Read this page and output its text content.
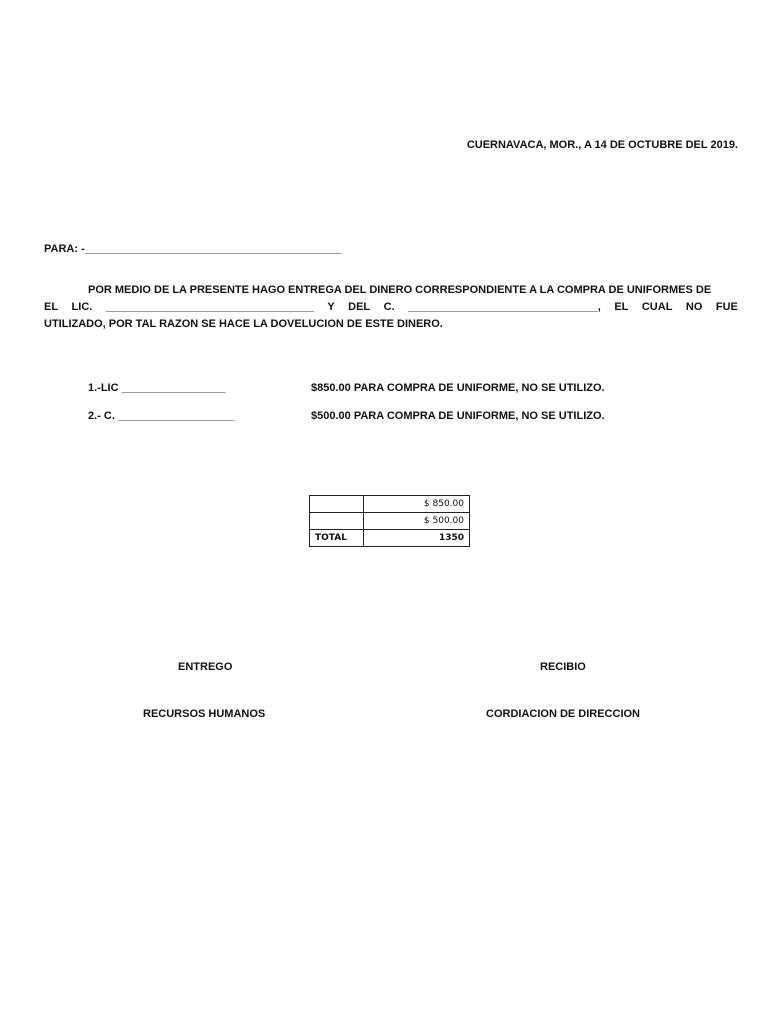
CUERNAVACA, MOR., A 14 DE OCTUBRE DEL 2019.
PARA: -__________________________________________
POR MEDIO DE LA PRESENTE HAGO ENTREGA DEL DINERO CORRESPONDIENTE A LA COMPRA DE UNIFORMES DE
EL LIC. __________________________________ Y DEL C. _______________________________, EL CUAL NO FUE
UTILIZADO, POR TAL RAZON SE HACE LA DOVELUCION DE ESTE DINERO.
1.-LIC _________________	$850.00 PARA COMPRA DE UNIFORME, NO SE UTILIZO.
2.- C. ___________________	$500.00 PARA COMPRA DE UNIFORME, NO SE UTILIZO.
	$ 850.00
	$ 500.00
TOTAL	1350
ENTREGO	RECIBIO
RECURSOS HUMANOS	CORDIACION DE DIRECCION
